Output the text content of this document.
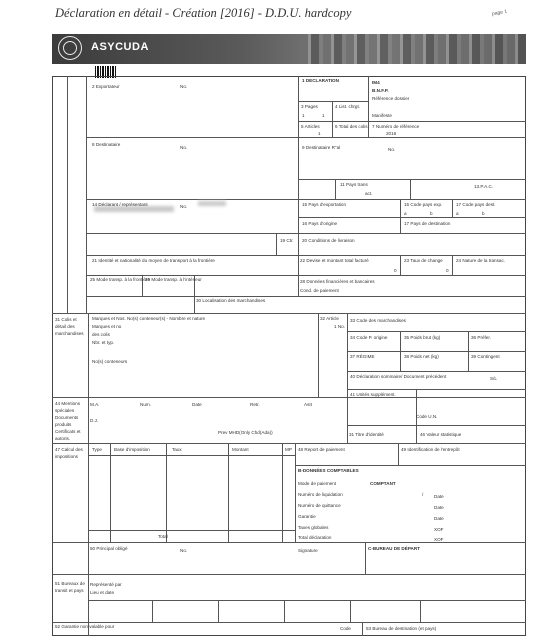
Déclaration en détail - Création [2016] - D.D.U. hardcopy	page 1
ASYCUDA
1 DECLARATION	IM4
B.N.F.P.
Référence dossier
3 Pages
1	1
4 List. chrgt.
Manifeste
5 Articles
1
6 Total des colis 7 Numéro de référence
2016
2 Exportateur	No.
8 Destinataire
No.	9 Destinataire R"al	No.
11 Pays trans
act.
13.P.A.C.
14 Déclarant / représentant	No.	15 Pays d'exportation	15 Code pays exp.	17 Code pays dest.
a	b	a	b
16 Pays d'origine	17 Pays de destination
19 Ctr. 20 Conditions de livraison
21 Identité et nationalité du moyen de transport à la frontière	22 Devise et montant total facturé
0
23 Taux de change
0
24 Nature de la transac.
25 Mode transp. à la frontière
26 Mode transp. à l'intérieur	28 Données financières et bancaires
Cond. de paiement
30 Localisation des marchandises
31 Colis et détail des marchandises
Marques et Nos. No(s) conteneur(s) - Nombre et nature
Marques et no
des colis
Nbr. et typ.
No(s) conteneurs
32 Article
1 No.
33 Code des marchandises
34 Code P. origine	35 Poids brut (kg)	36 Préfer.
37 RÉGIME	38 Poids net (kg)	39 Contingent
40 Déclaration sommaire/ Document précédent	S/L
41 Unités supplément.
44 Mentions spéciales Documents produits Certificats et autoris.
M.A.	Num.	Date	Retr.	AsIt
Code U.N.
D.J.
Prev MHD(Only Chd(Ada))	31 Titre d'identité	46 Valeur statistique
47 Calcul des impositions
Type	Base d'imposition	Taux	Montant	MP 48 Report de paiement	49 Identification de l'entrepôt
B-DONNÉES COMPTABLES
Mode de paiement	COMPTANT
Numéro de liquidation	/ Date
Numéro de quittance	Date
Garantie	Date
Taxes globales	XOF
Total déclaration	XOF
Total
50 Principal obligé	No.	Signature	C-BUREAU DE DÉPART
51 Bureaux de transit et pays
Représenté par
Lieu et date
52 Garantie non valable pour	Code	53 Bureau de destination (et pays)
